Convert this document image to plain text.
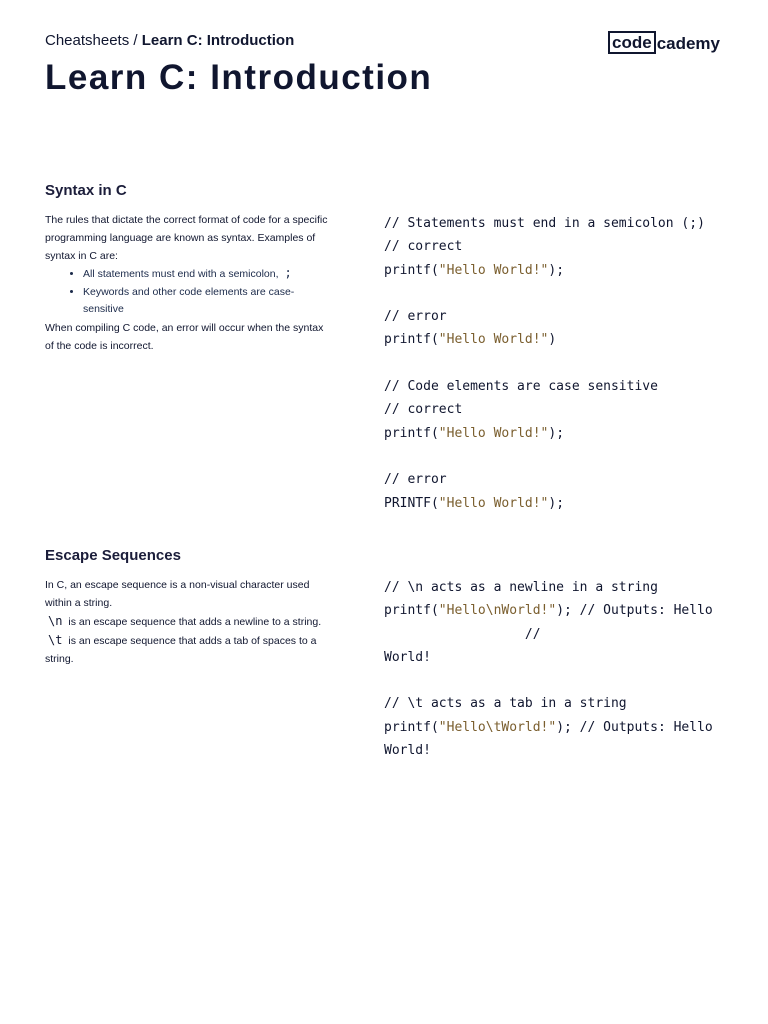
Cheatsheets / Learn C: Introduction	code cademy
Learn C: Introduction
Syntax in C

The rules that dictate the correct format of code for a specific programming language are known as syntax. Examples of syntax in C are:

• All statements must end with a semicolon, ;
• Keywords and other code elements are case-sensitive

When compiling C code, an error will occur when the syntax of the code is incorrect.

// Statements must end in a semicolon (;)
// correct
printf("Hello World!");

// error
printf("Hello World!")

// Code elements are case sensitive
// correct
printf("Hello World!");

// error
PRINTF("Hello World!");
Escape Sequences

In C, an escape sequence is a non-visual character used within a string.

\n is an escape sequence that adds a newline to a string. \t is an escape sequence that adds a tab of spaces to a string.

// \n acts as a newline in a string
printf("Hello\nWorld!"); // Outputs: Hello
//
World!

// \t acts as a tab in a string
printf("Hello\tWorld!"); // Outputs: Hello
World!
